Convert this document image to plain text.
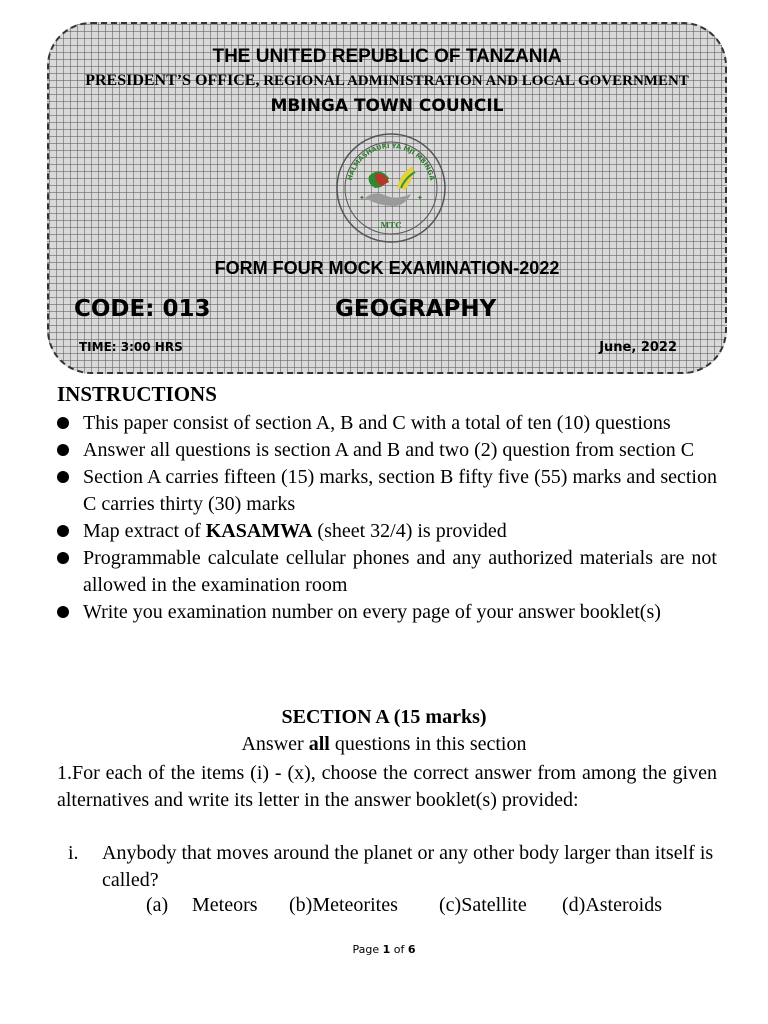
THE UNITED REPUBLIC OF TANZANIA
PRESIDENT’S OFFICE, REGIONAL ADMINISTRATION AND LOCAL GOVERNMENT
MBINGA TOWN COUNCIL
HALMASHAURI YA MJI MBINGA
✦	✦
MTC
FORM FOUR MOCK EXAMINATION-2022
CODE: 013	GEOGRAPHY
TIME: 3:00 HRS	June, 2022
INSTRUCTIONS
This paper consist of section A, B and C with a total of ten (10) questions
Answer all questions is section A and B and two (2) question from section C
Section A carries fifteen (15) marks, section B fifty five (55) marks and section C carries thirty (30) marks
Map extract of KASAMWA (sheet 32/4) is provided
Programmable calculate cellular phones and any authorized materials are not allowed in the examination room
Write you examination number on every page of your answer booklet(s)
SECTION A (15 marks)
Answer all questions in this section
1.For each of the items (i) - (x), choose the correct answer from among the given alternatives and write its letter in the answer booklet(s) provided:
i. Anybody that moves around the planet or any other body larger than itself is called?
(a) Meteors (b)Meteorites (c)Satellite (d)Asteroids
Page 1 of 6
